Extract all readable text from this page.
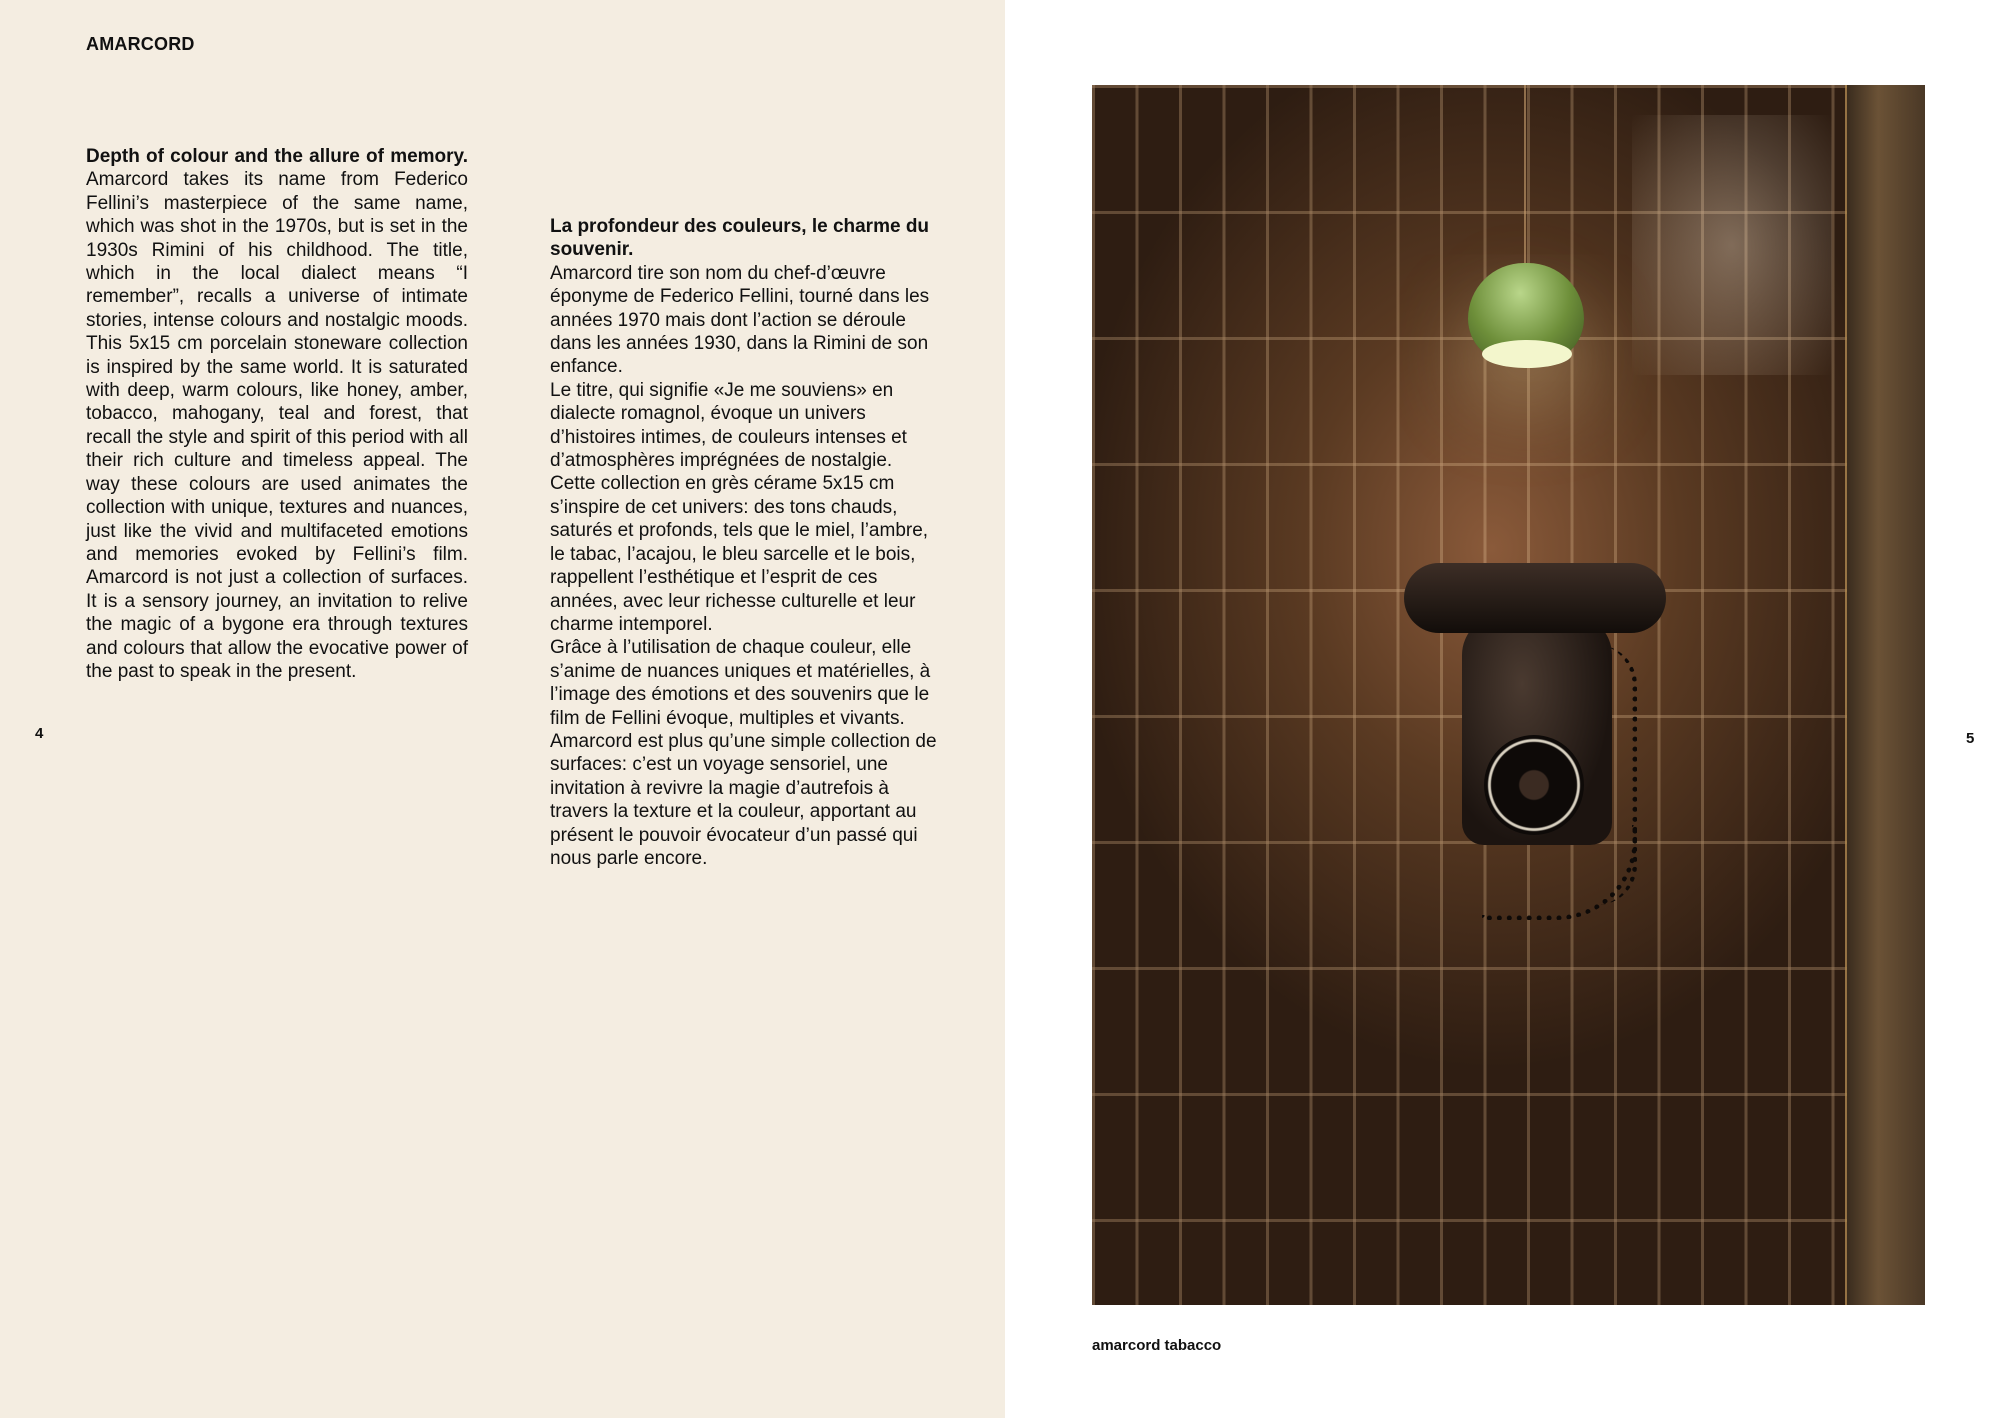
AMARCORD
4	5
Depth of colour and the allure of memory. Amarcord takes its name from Federico Fellini’s masterpiece of the same name, which was shot in the 1970s, but is set in the 1930s Rimini of his childhood. The title, which in the local dialect means “I remember”, recalls a universe of intimate stories, intense colours and nostalgic moods. This 5x15 cm porcelain stoneware collection is inspired by the same world. It is saturated with deep, warm colours, like honey, amber, tobacco, mahogany, teal and forest, that recall the style and spirit of this period with all their rich culture and timeless appeal. The way these colours are used animates the collection with unique, textures and nuances, just like the vivid and multifaceted emotions and memories evoked by Fellini’s film. Amarcord is not just a collection of surfaces. It is a sensory journey, an invitation to relive the magic of a bygone era through textures and colours that allow the evocative power of the past to speak in the present.

La profondeur des couleurs, le charme du souvenir.

Amarcord tire son nom du chef-d’œuvre éponyme de Federico Fellini, tourné dans les années 1970 mais dont l’action se déroule dans les années 1930, dans la Rimini de son enfance.

Le titre, qui signifie «Je me souviens» en dialecte romagnol, évoque un univers d’histoires intimes, de couleurs intenses et d’atmosphères imprégnées de nostalgie.

Cette collection en grès cérame 5x15 cm s’inspire de cet univers: des tons chauds, saturés et profonds, tels que le miel, l’ambre, le tabac, l’acajou, le bleu sarcelle et le bois, rappellent l’esthétique et l’esprit de ces années, avec leur richesse culturelle et leur charme intemporel.

Grâce à l’utilisation de chaque couleur, elle s’anime de nuances uniques et matérielles, à l’image des émotions et des souvenirs que le film de Fellini évoque, multiples et vivants.

Amarcord est plus qu’une simple collection de surfaces: c’est un voyage sensoriel, une invitation à revivre la magie d’autrefois à travers la texture et la couleur, apportant au présent le pouvoir évocateur d’un passé qui nous parle encore.

amarcord tabacco
